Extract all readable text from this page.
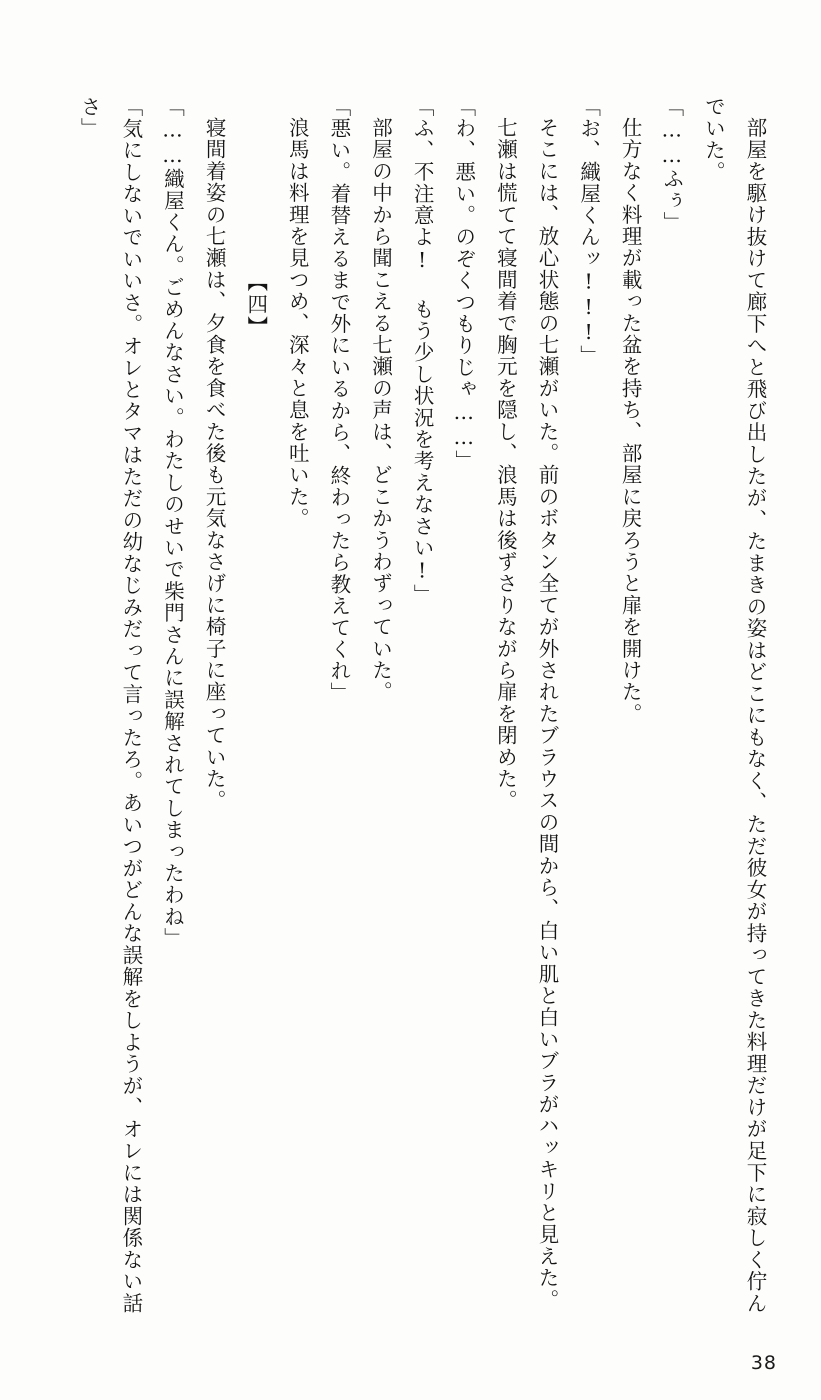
部屋を駆け抜けて廊下へと飛び出したが、たまきの姿はどこにもなく、ただ彼女が持ってきた料理だけが足下に寂しく佇んでいた。

「……ふぅ」

仕方なく料理が載った盆を持ち、部屋に戻ろうと扉を開けた。

「お、織屋くんッ!!!」

そこには、放心状態の七瀬がいた。前のボタン全てが外されたブラウスの間から、白い肌と白いブラがハッキリと見えた。

七瀬は慌てて寝間着で胸元を隠し、浪馬は後ずさりながら扉を閉めた。

「わ、悪い。のぞくつもりじゃ……」

「ふ、不注意よ! もう少し状況を考えなさい!」

部屋の中から聞こえる七瀬の声は、どこかうわずっていた。

「悪い。着替えるまで外にいるから、終わったら教えてくれ」

浪馬は料理を見つめ、深々と息を吐いた。

【四】

寝間着姿の七瀬は、夕食を食べた後も元気なさげに椅子に座っていた。

「……織屋くん。ごめんなさい。わたしのせいで柴門さんに誤解されてしまったわね」

「気にしないでいいさ。オレとタマはただの幼なじみだって言ったろ。あいつがどんな誤解をしようが、オレには関係ない話さ」

38
